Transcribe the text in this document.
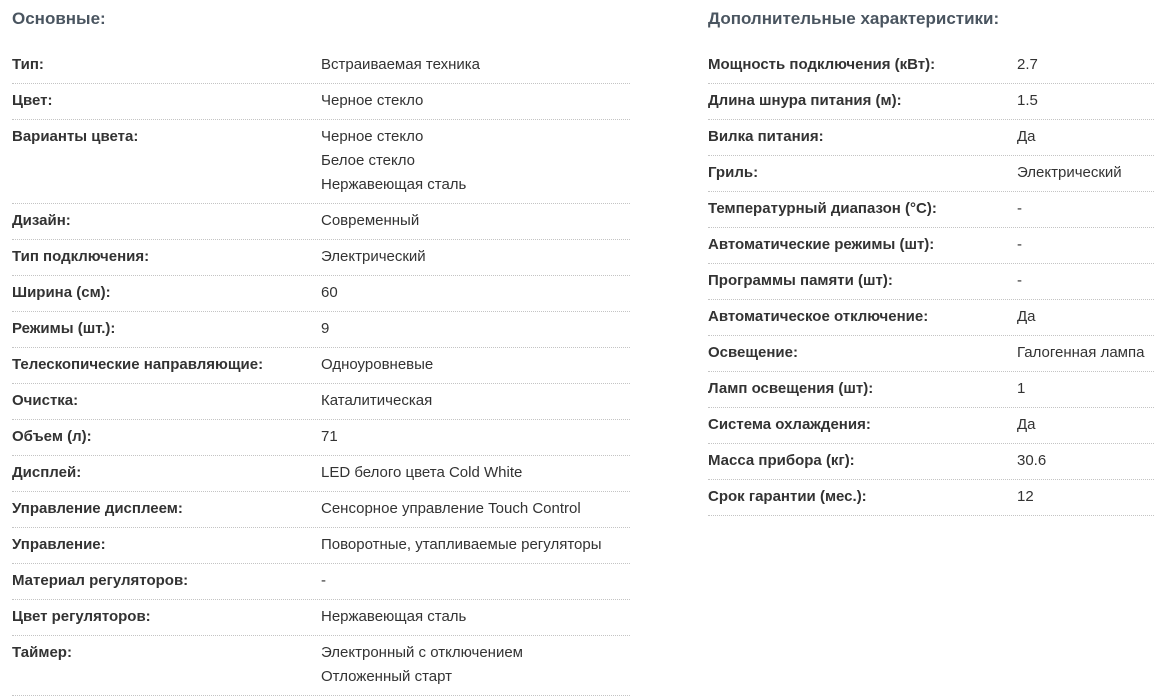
Основные:
Тип:	Встраиваемая техника
Цвет:	Черное стекло
Варианты цвета:	Черное стекло
Белое стекло
Нержавеющая сталь
Дизайн:	Современный
Тип подключения:	Электрический
Ширина (см):	60
Режимы (шт.):	9
Телескопические направляющие:	Одноуровневые
Очистка:	Каталитическая
Объем (л):	71
Дисплей:	LED белого цвета Cold White
Управление дисплеем:	Сенсорное управление Touch Control
Управление:	Поворотные, утапливаемые регуляторы
Материал регуляторов:	-
Цвет регуляторов:	Нержавеющая сталь
Таймер:	Электронный с отключением
Отложенный старт
Дополнительные характеристики:
Мощность подключения (кВт):	2.7
Длина шнура питания (м):	1.5
Вилка питания:	Да
Гриль:	Электрический
Температурный диапазон (°С):	-
Автоматические режимы (шт):	-
Программы памяти (шт):	-
Автоматическое отключение:	Да
Освещение:	Галогенная лампа
Ламп освещения (шт):	1
Система охлаждения:	Да
Масса прибора (кг):	30.6
Срок гарантии (мес.):	12
